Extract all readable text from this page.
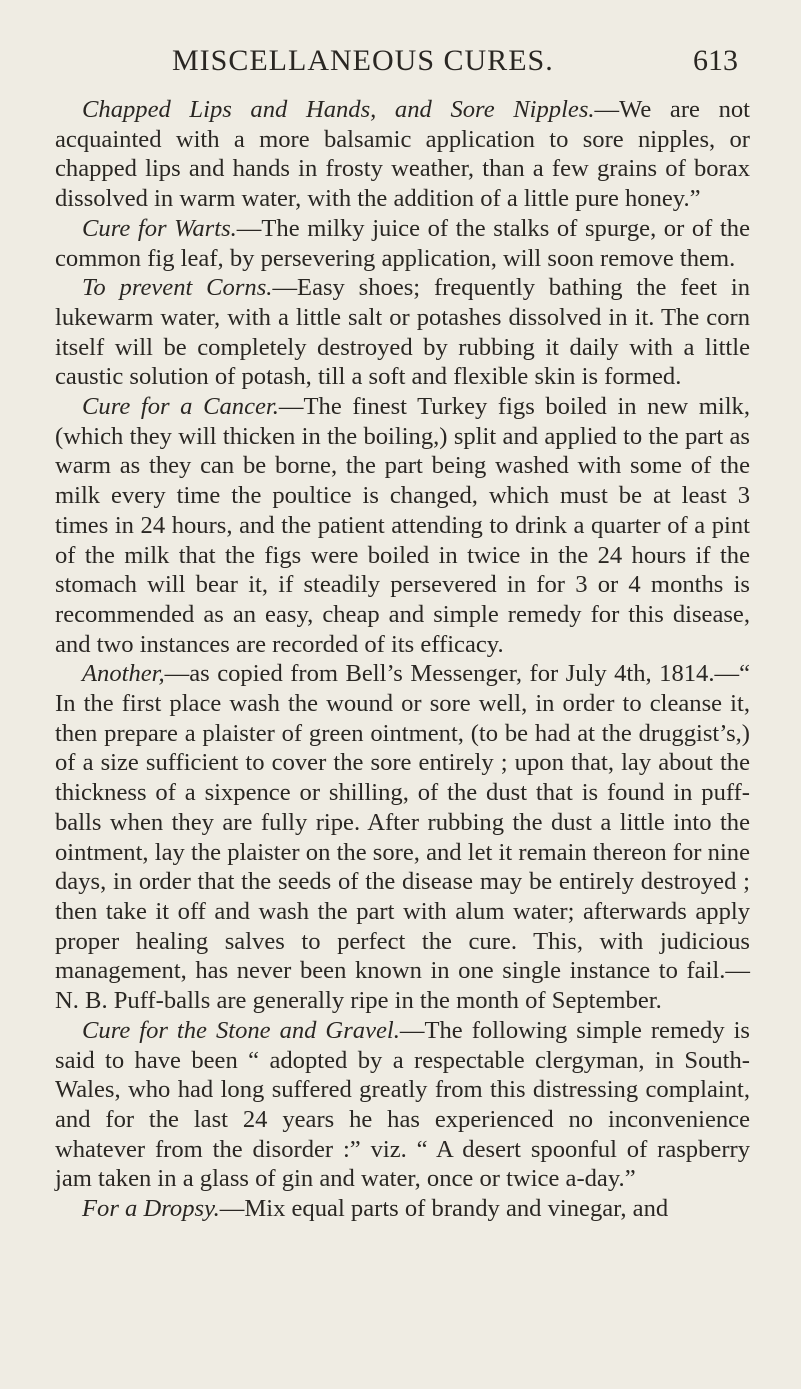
MISCELLANEOUS CURES.	613

Chapped Lips and Hands, and Sore Nipples.—We are not acquainted with a more balsamic application to sore nipples, or chapped lips and hands in frosty weather, than a few grains of borax dissolved in warm water, with the addition of a little pure honey.”

Cure for Warts.—The milky juice of the stalks of spurge, or of the common fig leaf, by persevering application, will soon remove them.

To prevent Corns.—Easy shoes; frequently bathing the feet in lukewarm water, with a little salt or potashes dissolved in it. The corn itself will be completely destroyed by rubbing it daily with a little caustic solution of potash, till a soft and flexible skin is formed.

Cure for a Cancer.—The finest Turkey figs boiled in new milk, (which they will thicken in the boiling,) split and applied to the part as warm as they can be borne, the part being washed with some of the milk every time the poultice is changed, which must be at least 3 times in 24 hours, and the patient attending to drink a quarter of a pint of the milk that the figs were boiled in twice in the 24 hours if the stomach will bear it, if steadily persevered in for 3 or 4 months is recommended as an easy, cheap and simple remedy for this disease, and two instances are recorded of its efficacy.

Another,—as copied from Bell’s Messenger, for July 4th, 1814.—“ In the first place wash the wound or sore well, in order to cleanse it, then prepare a plaister of green ointment, (to be had at the druggist’s,) of a size sufficient to cover the sore entirely ; upon that, lay about the thickness of a sixpence or shilling, of the dust that is found in puff-balls when they are fully ripe. After rubbing the dust a little into the ointment, lay the plaister on the sore, and let it remain thereon for nine days, in order that the seeds of the disease may be entirely destroyed ; then take it off and wash the part with alum water; afterwards apply proper healing salves to perfect the cure. This, with judicious management, has never been known in one single instance to fail.— N. B. Puff-balls are generally ripe in the month of September.

Cure for the Stone and Gravel.—The following simple remedy is said to have been “ adopted by a respectable clergyman, in South-Wales, who had long suffered greatly from this distressing complaint, and for the last 24 years he has experienced no inconvenience whatever from the disorder :” viz. “ A desert spoonful of raspberry jam taken in a glass of gin and water, once or twice a-day.”

For a Dropsy.—Mix equal parts of brandy and vinegar, and
